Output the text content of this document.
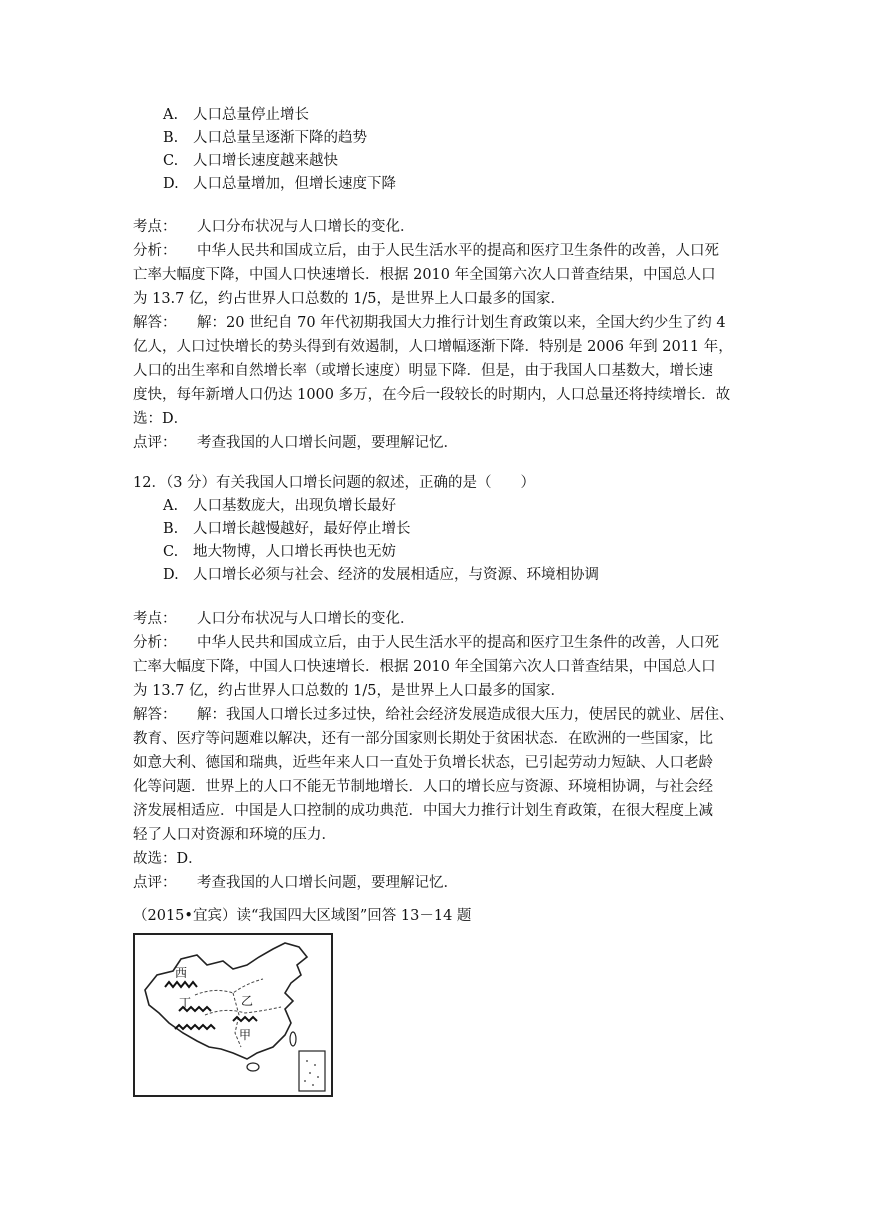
A. 人口总量停止增长
B. 人口总量呈逐渐下降的趋势
C. 人口增长速度越来越快
D. 人口总量增加，但增长速度下降
考点： 人口分布状况与人口增长的变化．
分析： 中华人民共和国成立后，由于人民生活水平的提高和医疗卫生条件的改善，人口死
亡率大幅度下降，中国人口快速增长．根据 2010 年全国第六次人口普查结果，中国总人口
为 13.7 亿，约占世界人口总数的 1/5，是世界上人口最多的国家．
解答： 解：20 世纪自 70 年代初期我国大力推行计划生育政策以来，全国大约少生了约 4
亿人，人口过快增长的势头得到有效遏制，人口增幅逐渐下降．特别是 2006 年到 2011 年，
人口的出生率和自然增长率（或增长速度）明显下降．但是，由于我国人口基数大，增长速
度快，每年新增人口仍达 1000 多万，在今后一段较长的时期内，人口总量还将持续增长．故
选：D．
点评： 考查我国的人口增长问题，要理解记忆．
12．（3 分）有关我国人口增长问题的叙述，正确的是（　　）
A. 人口基数庞大，出现负增长最好
B. 人口增长越慢越好，最好停止增长
C. 地大物博，人口增长再快也无妨
D. 人口增长必须与社会、经济的发展相适应，与资源、环境相协调
考点： 人口分布状况与人口增长的变化．
分析： 中华人民共和国成立后，由于人民生活水平的提高和医疗卫生条件的改善，人口死
亡率大幅度下降，中国人口快速增长．根据 2010 年全国第六次人口普查结果，中国总人口
为 13.7 亿，约占世界人口总数的 1/5，是世界上人口最多的国家．
解答： 解：我国人口增长过多过快，给社会经济发展造成很大压力，使居民的就业、居住、
教育、医疗等问题难以解决，还有一部分国家则长期处于贫困状态．在欧洲的一些国家，比
如意大利、德国和瑞典，近些年来人口一直处于负增长状态，已引起劳动力短缺、人口老龄
化等问题．世界上的人口不能无节制地增长．人口的增长应与资源、环境相协调，与社会经
济发展相适应．中国是人口控制的成功典范．中国大力推行计划生育政策，在很大程度上减
轻了人口对资源和环境的压力．
故选：D．
点评： 考查我国的人口增长问题，要理解记忆．
（2015•宜宾）读“我国四大区域图”回答 13－14 题
西
丁	乙
甲
